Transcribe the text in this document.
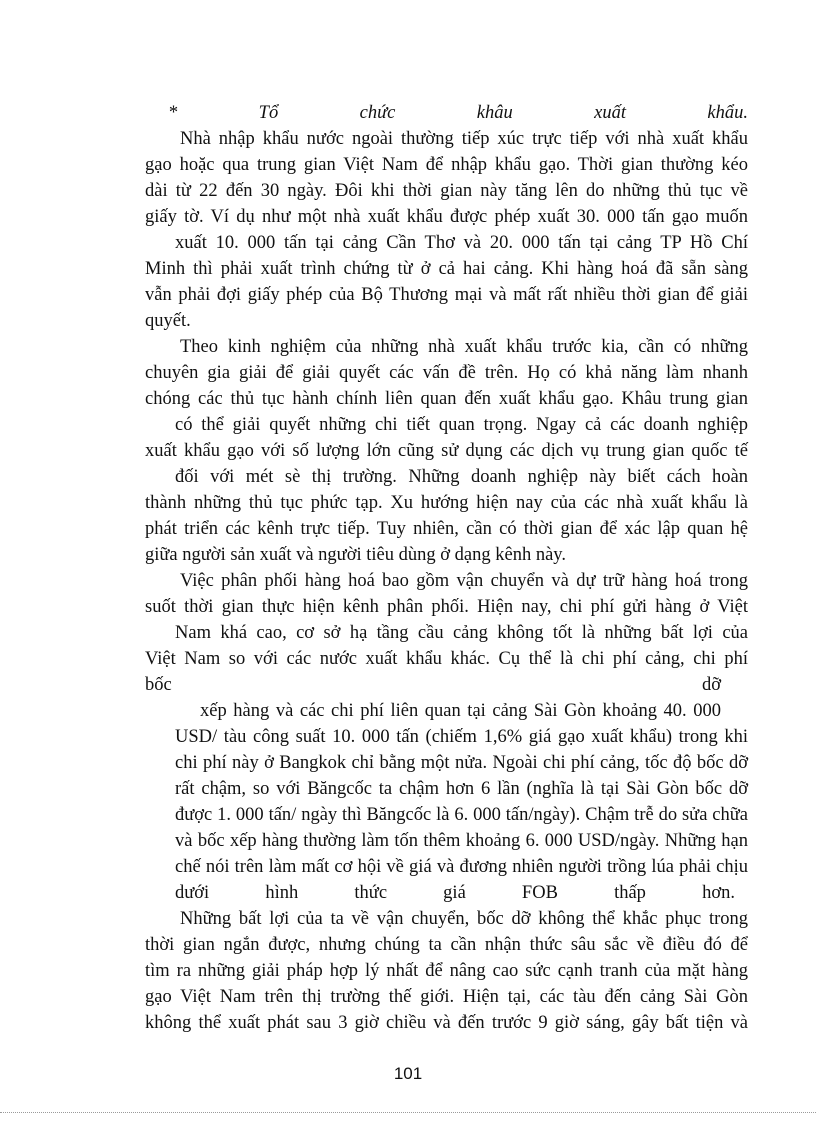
* Tổ chức khâu xuất khẩu.
Nhà nhập khẩu nước ngoài thường tiếp xúc trực tiếp với nhà xuất khẩu
gạo hoặc qua trung gian Việt Nam để nhập khẩu gạo. Thời gian thường kéo
dài từ 22 đến 30 ngày. Đôi khi thời gian này tăng lên do những thủ tục về
giấy tờ. Ví dụ như một nhà xuất khẩu được phép xuất 30. 000 tấn gạo muốn
xuất 10. 000 tấn tại cảng Cần Thơ và 20. 000 tấn tại cảng TP Hồ Chí
Minh thì phải xuất trình chứng từ ở cả hai cảng. Khi hàng hoá đã sẵn sàng
vẫn phải đợi giấy phép của Bộ Thương mại và mất rất nhiều thời gian để giải
quyết.
Theo kinh nghiệm của những nhà xuất khẩu trước kia, cần có những
chuyên gia giải để giải quyết các vấn đề trên. Họ có khả năng làm nhanh
chóng các thủ tục hành chính liên quan đến xuất khẩu gạo. Khâu trung gian
có thể giải quyết những chi tiết quan trọng. Ngay cả các doanh nghiệp
xuất khẩu gạo với số lượng lớn cũng sử dụng các dịch vụ trung gian quốc tế
đối với mét sè thị trường. Những doanh nghiệp này biết cách hoàn
thành những thủ tục phức tạp. Xu hướng hiện nay của các nhà xuất khẩu là
phát triển các kênh trực tiếp. Tuy nhiên, cần có thời gian để xác lập quan hệ
giữa người sản xuất và người tiêu dùng ở dạng kênh này.
Việc phân phối hàng hoá bao gồm vận chuyển và dự trữ hàng hoá trong
suốt thời gian thực hiện kênh phân phối. Hiện nay, chi phí gửi hàng ở Việt
Nam khá cao, cơ sở hạ tầng cầu cảng không tốt là những bất lợi của
Việt Nam so với các nước xuất khẩu khác. Cụ thể là chi phí cảng, chi phí
bốc dỡ
xếp hàng và các chi phí liên quan tại cảng Sài Gòn khoảng 40. 000
USD/ tàu công suất 10. 000 tấn (chiếm 1,6% giá gạo xuất khẩu) trong khi
chi phí này ở Bangkok chỉ bằng một nửa. Ngoài chi phí cảng, tốc độ bốc dỡ
rất chậm, so với Băngcốc ta chậm hơn 6 lần (nghĩa là tại Sài Gòn bốc dỡ
được 1. 000 tấn/ ngày thì Băngcốc là 6. 000 tấn/ngày). Chậm trễ do sửa chữa
và bốc xếp hàng thường làm tốn thêm khoảng 6. 000 USD/ngày. Những hạn
chế nói trên làm mất cơ hội về giá và đương nhiên người trồng lúa phải chịu
dưới hình thức giá FOB thấp hơn.
Những bất lợi của ta về vận chuyển, bốc dỡ không thể khắc phục trong
thời gian ngắn được, nhưng chúng ta cần nhận thức sâu sắc về điều đó để
tìm ra những giải pháp hợp lý nhất để nâng cao sức cạnh tranh của mặt hàng
gạo Việt Nam trên thị trường thế giới. Hiện tại, các tàu đến cảng Sài Gòn
không thể xuất phát sau 3 giờ chiều và đến trước 9 giờ sáng, gây bất tiện và
101
